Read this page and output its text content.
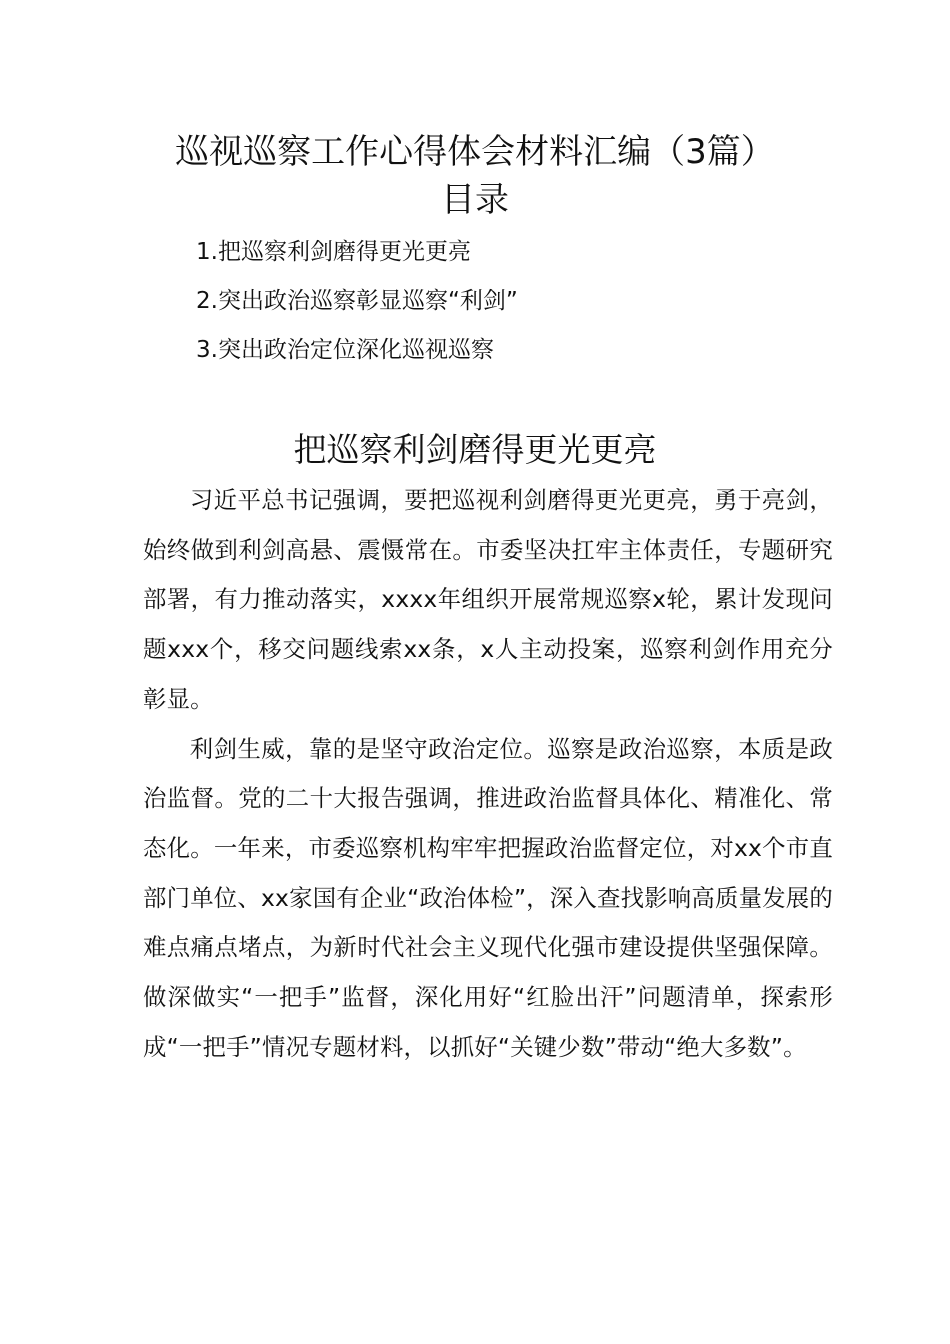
巡视巡察工作心得体会材料汇编（3篇）
目录
1.把巡察利剑磨得更光更亮
2.突出政治巡察彰显巡察“利剑”
3.突出政治定位深化巡视巡察
把巡察利剑磨得更光更亮

习近平总书记强调，要把巡视利剑磨得更光更亮，勇于亮剑，始终做到利剑高悬、震慑常在。市委坚决扛牢主体责任，专题研究部署，有力推动落实，xxxx年组织开展常规巡察x轮，累计发现问题xxx个，移交问题线索xx条，x人主动投案，巡察利剑作用充分彰显。

利剑生威，靠的是坚守政治定位。巡察是政治巡察，本质是政治监督。党的二十大报告强调，推进政治监督具体化、精准化、常态化。一年来，市委巡察机构牢牢把握政治监督定位，对xx个市直部门单位、xx家国有企业“政治体检”，深入查找影响高质量发展的难点痛点堵点，为新时代社会主义现代化强市建设提供坚强保障。做深做实“一把手”监督，深化用好“红脸出汗”问题清单，探索形成“一把手”情况专题材料，以抓好“关键少数”带动“绝大多数”。
